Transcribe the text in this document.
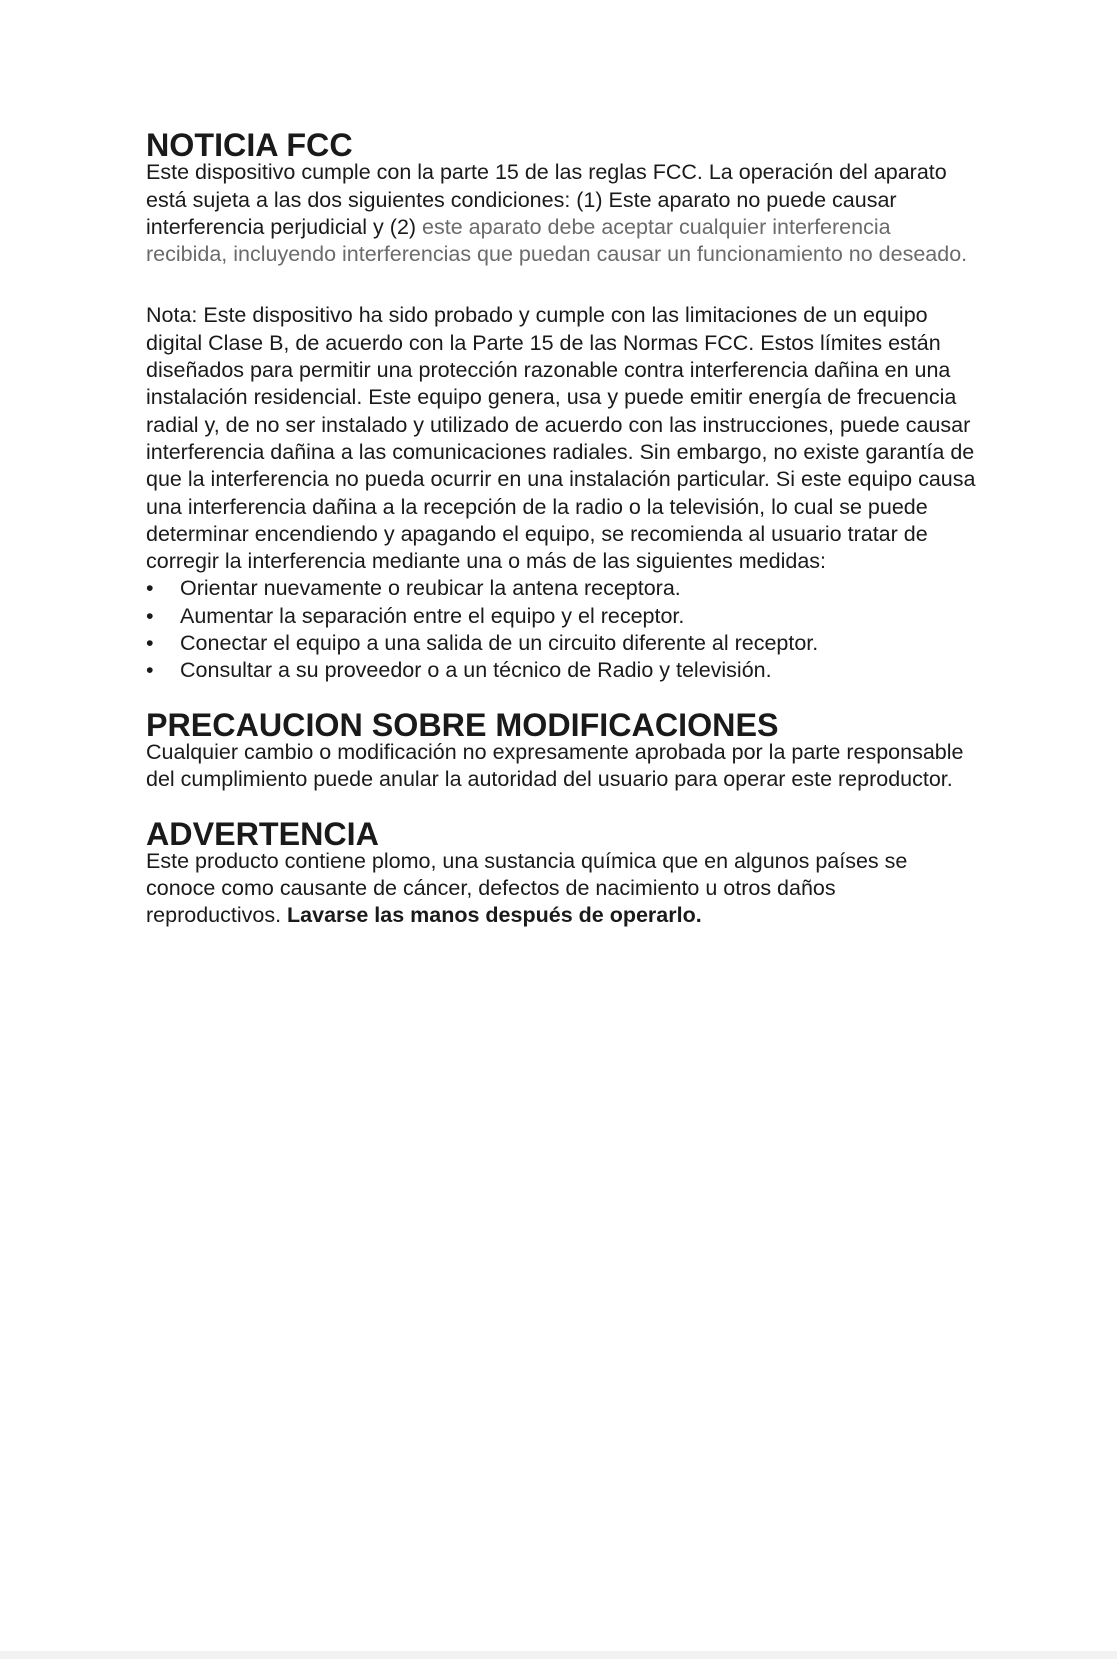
NOTICIA FCC

Este dispositivo cumple con la parte 15 de las reglas FCC. La operación del aparato está sujeta a las dos siguientes condiciones: (1) Este aparato no puede causar interferencia perjudicial y (2) este aparato debe aceptar cualquier interferencia recibida, incluyendo interferencias que puedan causar un funcionamiento no deseado.

Nota: Este dispositivo ha sido probado y cumple con las limitaciones de un equipo digital Clase B, de acuerdo con la Parte 15 de las Normas FCC. Estos límites están diseñados para permitir una protección razonable contra interferencia dañina en una instalación residencial. Este equipo genera, usa y puede emitir energía de frecuencia radial y, de no ser instalado y utilizado de acuerdo con las instrucciones, puede causar interferencia dañina a las comunicaciones radiales. Sin embargo, no existe garantía de que la interferencia no pueda ocurrir en una instalación particular. Si este equipo causa una interferencia dañina a la recepción de la radio o la televisión, lo cual se puede determinar encendiendo y apagando el equipo, se recomienda al usuario tratar de corregir la interferencia mediante una o más de las siguientes medidas:

• Orientar nuevamente o reubicar la antena receptora.
• Aumentar la separación entre el equipo y el receptor.
• Conectar el equipo a una salida de un circuito diferente al receptor.
• Consultar a su proveedor o a un técnico de Radio y televisión.
PRECAUCION SOBRE MODIFICACIONES

Cualquier cambio o modificación no expresamente aprobada por la parte responsable del cumplimiento puede anular la autoridad del usuario para operar este reproductor.

ADVERTENCIA

Este producto contiene plomo, una sustancia química que en algunos países se conoce como causante de cáncer, defectos de nacimiento u otros daños reproductivos. Lavarse las manos después de operarlo.
